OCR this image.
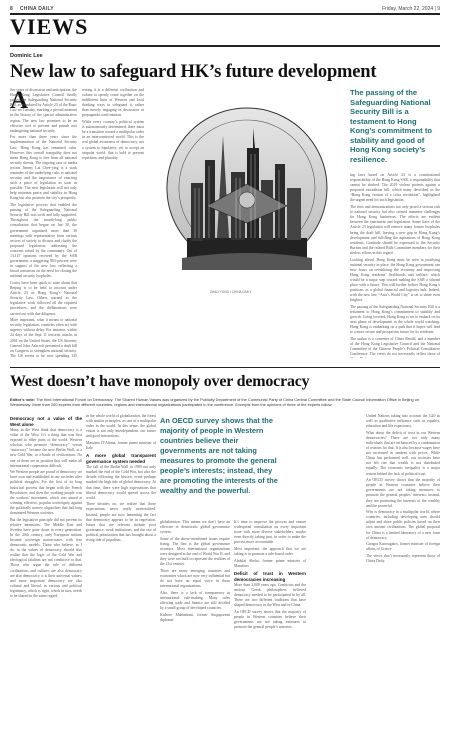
8 CHINA DAILY	Friday, March 22, 2024 | 9
VIEWS
Dominic Lee
New law to safeguard HK’s future development
A

fter years of discussion and anticipation, the Hong Kong Legislative Council finally passed the Safeguarding National Security Bill, as mandated by Article 23 of the Basic Law on Tuesday, marking a pivotal moment in the history of the special administrative region. The new law promises to be an effective tool to prevent and punish acts endangering national security.

For more than three years since the implementation of the National Security Law, Hong Kong has remained calm. However, this overall tranquility does not mean Hong Kong is free from all national security threats. The ongoing case of media tycoon Jimmy Lai Chee-ying is a stark reminder of the underlying risks to national security and the importance of enacting such a piece of legislation as soon as possible. The new legislation will not only help maintain peace and stability in Hong Kong but also promote the city’s prosperity.

The legislative process that enabled the passing of the Safeguarding National Security Bill was swift and fully supported. Throughout the month-long public consultation that began on Jan 30, the government organized more than 30 meetings with representative from various sectors of society to discuss and clarify the proposed legislation, addressing the concerns raised by the community. Out of 13,147 opinions received by the SAR government, a staggering 98.6 percent were in support of the new law, reflecting a broad consensus on the need for closing the national security loopholes.

Critics have been quick to raise alarm that Beijing is to be held to account under Article 23 as Hong Kong’s National Security Law. Others warned as the legislative work followed all the required procedures, and the deliberations were carried out with due diligence.

More important, what it means to national security legislation, countries often act with urgency without delay. For instance, within 24 days of the Sept 11 terrorist attacks in 2001 on the United States, the US Attorney General John Ashcroft presented a draft bill on Congress to strengthen national security. The US seems to be now spending 145

tecting it is a different civilization and culture to openly come together on the indifferent lines of Western and local thinking ways to safeguard it, rather than merely engaging in discussion or propaganda confrontation.

While every country’s political system is autonomously determined, there must be a transition toward a multipolar order in an interconnected world. This is the real global awareness of democracy, not a system to bipolarity, yet to accept an unipolar world, that is bold to prevent repetition, and plurality.

ZHAO YONG / CHINA DAILY
The passing of the Safeguarding National Security Bill is a testament to Hong Kong’s commitment to stability and good of Hong Kong society’s resilience.

ing laws based on Article 23 is a constitutional responsibility of the Hong Kong SAR, a responsibility that cannot be shirked. The 2019 violent protests against a proposed extradition bill, which many described as the “Hong Kong version of a color revolution”, highlighted the urgent need for such legislation.

The riots and demonstrations not only posed a serious risk to national security but also created immense challenges for Hong Kong businesses. The effects are evident between the enactment and legislation. Some lines of the Article 23 legislation will remove many former loopholes being the draft bill, leaving a new gap in Hong Kong’s development and fulfilling the aspirations of Hong Kong residents. Gratitude should be expressed to the Security Bureau and the related Bills Committee members for their tireless efforts in this regard.

Looking ahead, Hong Kong must be seen in justifying national security in place, the Hong Kong government can now focus on revitalizing the economy and improving Hong Kong residents’ livelihoods and welfare, which would be a major step toward making the SAR a vibrant place with a future. This will further bolster Hong Kong’s positions as a global financial and logistics hub. Indeed, with the new law, “Asia’s World City” is set to shine even brighter.

The passing of the Safeguarding National Security Bill is a testament to Hong Kong’s commitment to stability and growth. Going forward, Hong Kong is set to embark on its next phase of development in the whole world watching, Hong Kong is embarking on a path that it hopes will lead to a more secure and prosperous future for its residents.

The author is a convener of China Retold, and a member of the Hong Kong Legislative Council and the National Committee of the Chinese People’s Political Consultative Conference. The views do not necessarily reflect those of

West doesn’t have monopoly over democracy
Editor’s note: The third International Forum on Democracy: The Shared Human Values was organized by the Publicity Department of the Communist Party of China Central Committee and the State Council Information Office in Beijing on Wednesday. More than 200 experts from different countries, regions and international organizations participated in the conference. Excerpts from the opinions of three of the experts follow:
Democracy not a value of the West alone

Many in the West think that democracy is a value of the West. It’s a thing that was first exposed to other parts of the world. Western scholars who promote “democracy” versus “autocracy” became the new Berlin Wall, at a new Cold War, or a battle of civilizations. No one of them are in position that will make all international cooperation difficult.

We Western people are proud of democracy we have won and established in our societies after political struggles. For the first of its long historical process that began with the French Revolution, and then the working people was the workers’ movement, which was aimed at winning effective, popular sovereignty against the politically narrow oligarchies that had long dominated Western societies.

But the legislative principle did not prevent its relative intensities. The Middle East and Sweden have gone down in every generation. In the 20th century, only European nations became sovereign nation-states with free democratic models. Those who believe, as I do, in the values of democracy should also realize that the logic of the Cold War and ideological fatalism are not conducive to that. Those who argue the rule of different civilizations and cultures are also democracy are also democracy, it is their universal values, and more important democracy are also cultural and liberal, in various and political legitimacy, which is right, which in turn, needs to be shared in the same regard.

in the whole world of globalization, the forest with similar principles, as one of a multipolar order in the world. In this sense, the global vision is not only interdependent, our future and good interactions.

Massimo D’Alema, former prime minister of Italy

A more global transparent governance system needed

The fall of the Berlin Wall in 1989 not only marked the end of the Cold War, but also the decade following the historic event perhaps marked the high tide of global democracy. At that time, there were high expectations that liberal democracy would spread across the world.

Three decades on, we realize that those expectations never really materialized. Instead, people are now lamenting the fact that democracy appears to be in regression. Issues that are relevant include poor governance, weak institutions, and the rise of political polarization that has brought about a rising tide of populism.

An OECD survey shows that the majority of people in Western countries believe their governments are not taking measures to promote the general people’s interests; instead, they are promoting the interests of the wealthy and the powerful.

globalization. This means we don’t have an effective or democratic global governance system.

Some of the above-mentioned issues require fixing. The first is the global governance structure. Most international organizations were designed at the end of World War II, and they were not built to represent the realities of the 21st century.

There are many emerging countries and economies which are now very influential but do not have an equal voice in these international organizations.

Also, there is a lack of transparency in international rule-making. Many rules affecting trade and finance are still decided by a small group of developed countries.

Kishore Mahbubani, former Singaporean diplomat

It’s time to improve the process and ensure widespread consultation on every important issue with more diverse stakeholders, maybe even directly taking part, in order to make the process more accountable.

Most important, the approach that we are taking is to promote a rule-based order.

Abdulai Shehu, former prime minister of Mauritius

Deficit of trust in Western democracies increasing

More than 2,000 years ago, Confucius and the ancient Greek philosophers believed democracy needed to be participated in by all. There are two different traditions that have shaped democracy in the West and in China.

An OECD survey shows that the majority of people in Western countries believe their governments are not taking measures to promote the general people’s interests.

United Nations taking into account the G20 as well as qualitative influence such as equality, education and life expectancy.

What about the deficit of trust in our Western democracies? There are not only many individuals that are influenced by a combination of reasons for that. It is also because wages have not increased in tandem with prices. While China has performed well, our societies have not felt rise that wealth is not distributed equally. The economic inequality is a major reason behind the lack of political trust.

An OECD survey shows that the majority of people in Western countries believe their governments are not taking measures to promote the general peoples’ interests; instead, they are promoting the interests of the wealthy and the powerful.

Why is democracy in a multipolar world, where countries, including developing ones should adjust and share public policies based on their own ancient civilizations. The global proposal for China is a limited laboratory of a new form of democracy.

Giorgos Katrougalos, former minister of foreign affairs of Greece

The views don’t necessarily represent those of China Daily.
